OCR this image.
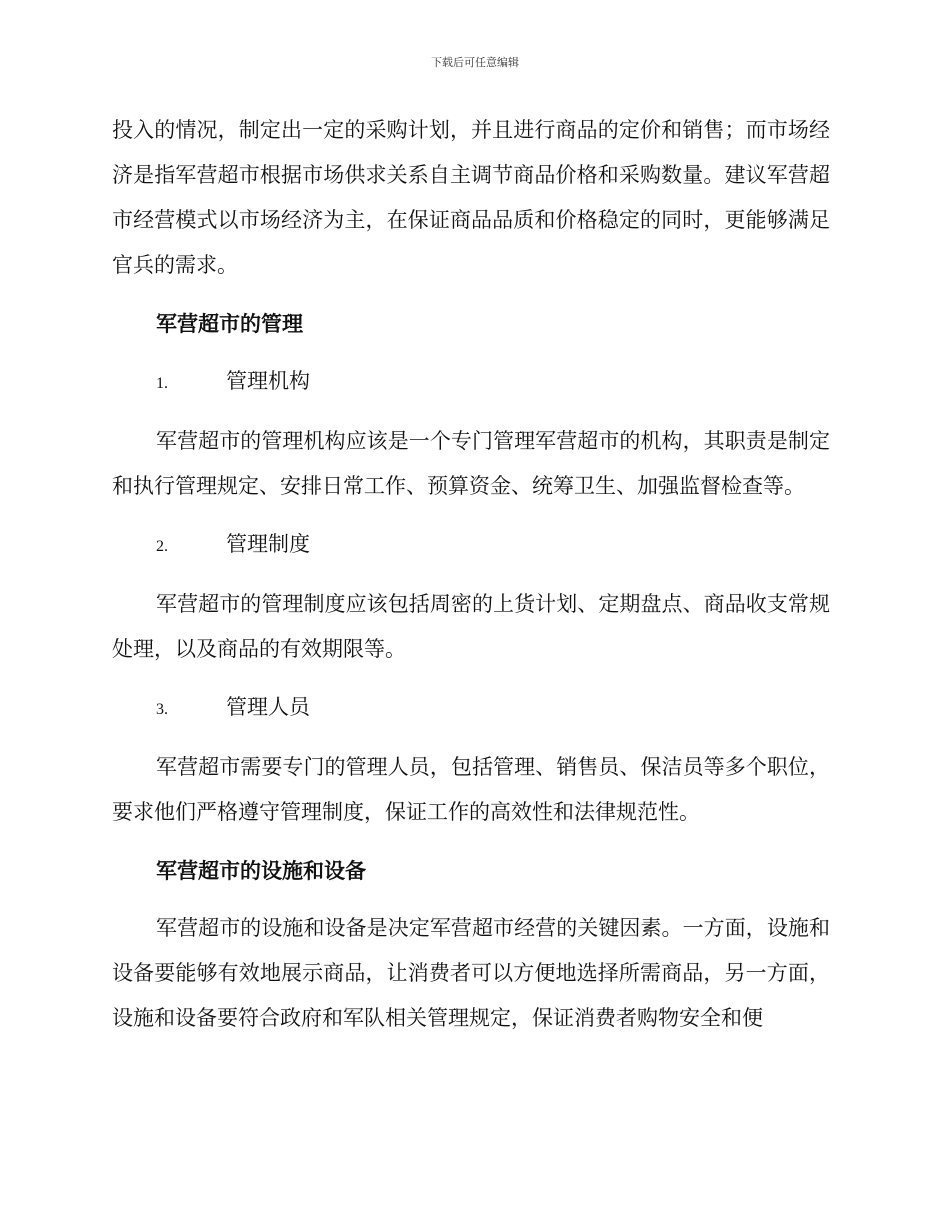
下载后可任意编辑

投入的情况，制定出一定的采购计划，并且进行商品的定价和销售；而市场经济是指军营超市根据市场供求关系自主调节商品价格和采购数量。建议军营超市经营模式以市场经济为主，在保证商品品质和价格稳定的同时，更能够满足官兵的需求。

军营超市的管理
1.	管理机构

军营超市的管理机构应该是一个专门管理军营超市的机构，其职责是制定和执行管理规定、安排日常工作、预算资金、统筹卫生、加强监督检查等。

2.	管理制度

军营超市的管理制度应该包括周密的上货计划、定期盘点、商品收支常规处理，以及商品的有效期限等。

3.	管理人员

军营超市需要专门的管理人员，包括管理、销售员、保洁员等多个职位，要求他们严格遵守管理制度，保证工作的高效性和法律规范性。

军营超市的设施和设备

军营超市的设施和设备是决定军营超市经营的关键因素。一方面，设施和设备要能够有效地展示商品，让消费者可以方便地选择所需商品，另一方面，设施和设备要符合政府和军队相关管理规定，保证消费者购物安全和便
